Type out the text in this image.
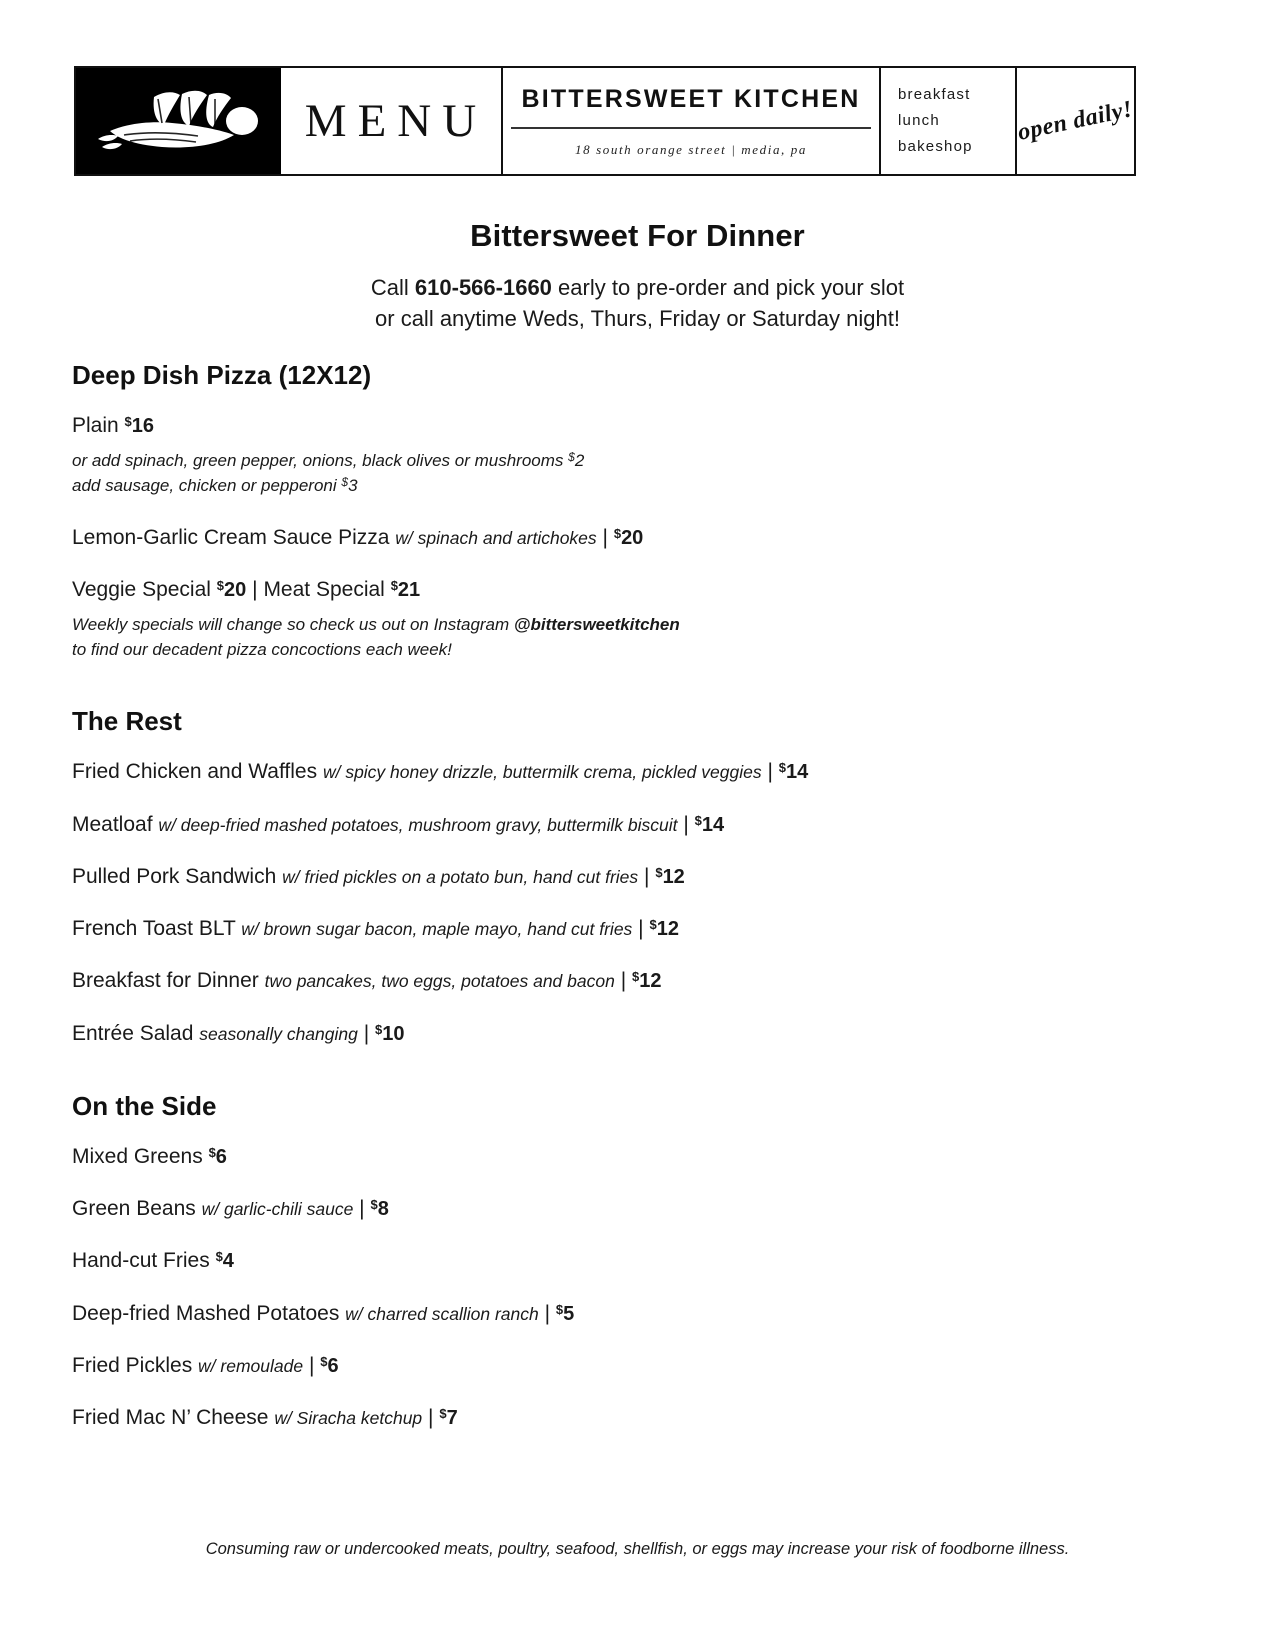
MENU BITTERSWEET KITCHEN
18 south orange street | media, pa
breakfast
lunch
bakeshop
open daily!
Bittersweet For Dinner
Call 610-566-1660 early to pre-order and pick your slot
or call anytime Weds, Thurs, Friday or Saturday night!
Deep Dish Pizza (12X12)
Plain $16
or add spinach, green pepper, onions, black olives or mushrooms $2
add sausage, chicken or pepperoni $3
Lemon-Garlic Cream Sauce Pizza w/ spinach and artichokes | $20
Veggie Special $20 | Meat Special $21
Weekly specials will change so check us out on Instagram @bittersweetkitchen
to find our decadent pizza concoctions each week!
The Rest
Fried Chicken and Waffles w/ spicy honey drizzle, buttermilk crema, pickled veggies | $14
Meatloaf w/ deep-fried mashed potatoes, mushroom gravy, buttermilk biscuit | $14
Pulled Pork Sandwich w/ fried pickles on a potato bun, hand cut fries | $12
French Toast BLT w/ brown sugar bacon, maple mayo, hand cut fries | $12
Breakfast for Dinner two pancakes, two eggs, potatoes and bacon | $12
Entrée Salad seasonally changing | $10
On the Side
Mixed Greens $6
Green Beans w/ garlic-chili sauce | $8
Hand-cut Fries $4
Deep-fried Mashed Potatoes w/ charred scallion ranch | $5
Fried Pickles w/ remoulade | $6
Fried Mac N’ Cheese w/ Siracha ketchup | $7
Consuming raw or undercooked meats, poultry, seafood, shellfish, or eggs may increase your risk of foodborne illness.
